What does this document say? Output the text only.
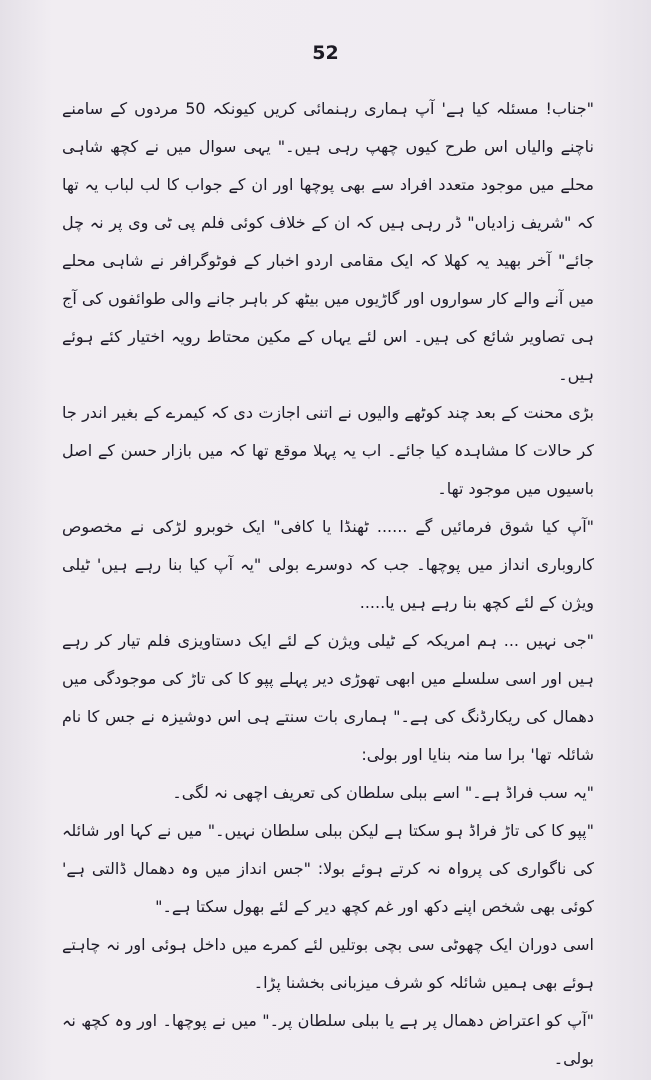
52

"جناب! مسئلہ کیا ہے' آپ ہماری رہنمائی کریں کیونکہ 50 مردوں کے سامنے ناچنے والیاں اس طرح کیوں چھپ رہی ہیں۔" یہی سوال میں نے کچھ شاہی محلے میں موجود متعدد افراد سے بھی پوچھا اور ان کے جواب کا لب لباب یہ تھا کہ "شریف زادیاں" ڈر رہی ہیں کہ ان کے خلاف کوئی فلم پی ٹی وی پر نہ چل جائے" آخر بھید یہ کھلا کہ ایک مقامی اردو اخبار کے فوٹوگرافر نے شاہی محلے میں آنے والے کار سواروں اور گاڑیوں میں بیٹھ کر باہر جانے والی طوائفوں کی آج ہی تصاویر شائع کی ہیں۔ اس لئے یہاں کے مکین محتاط رویہ اختیار کئے ہوئے ہیں۔

بڑی محنت کے بعد چند کوٹھے والیوں نے اتنی اجازت دی کہ کیمرے کے بغیر اندر جا کر حالات کا مشاہدہ کیا جائے۔ اب یہ پہلا موقع تھا کہ میں بازار حسن کے اصل باسیوں میں موجود تھا۔

"آپ کیا شوق فرمائیں گے ...... ٹھنڈا یا کافی" ایک خوبرو لڑکی نے مخصوص کاروباری انداز میں پوچھا۔ جب کہ دوسرے بولی "یہ آپ کیا بنا رہے ہیں' ٹیلی ویژن کے لئے کچھ بنا رہے ہیں یا.....

"جی نہیں ... ہم امریکہ کے ٹیلی ویژن کے لئے ایک دستاویزی فلم تیار کر رہے ہیں اور اسی سلسلے میں ابھی تھوڑی دیر پہلے پپو کا کی تاڑ کی موجودگی میں دھمال کی ریکارڈنگ کی ہے۔" ہماری بات سنتے ہی اس دوشیزہ نے جس کا نام شائلہ تھا' برا سا منہ بنایا اور بولی:

"یہ سب فراڈ ہے۔" اسے ببلی سلطان کی تعریف اچھی نہ لگی۔

"پپو کا کی تاڑ فراڈ ہو سکتا ہے لیکن ببلی سلطان نہیں۔" میں نے کہا اور شائلہ کی ناگواری کی پرواہ نہ کرتے ہوئے بولا: "جس انداز میں وہ دھمال ڈالتی ہے' کوئی بھی شخص اپنے دکھ اور غم کچھ دیر کے لئے بھول سکتا ہے۔"

اسی دوران ایک چھوٹی سی بچی بوتلیں لئے کمرے میں داخل ہوئی اور نہ چاہتے ہوئے بھی ہمیں شائلہ کو شرف میزبانی بخشنا پڑا۔

"آپ کو اعتراض دھمال پر ہے یا ببلی سلطان پر۔" میں نے پوچھا۔ اور وہ کچھ نہ بولی۔
